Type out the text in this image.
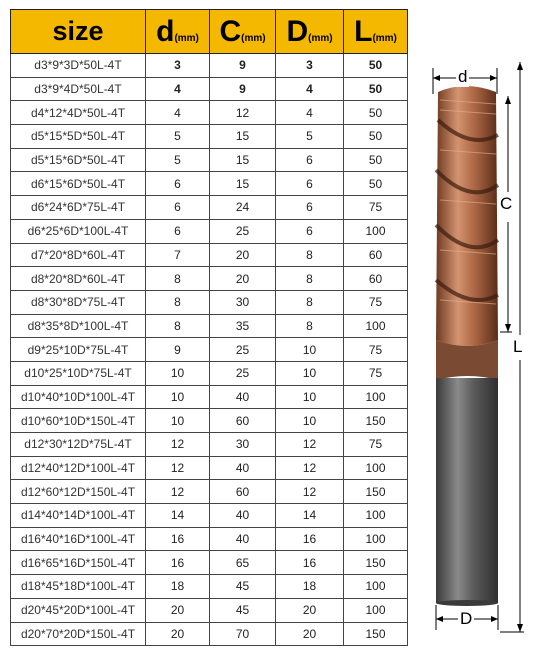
size	d(mm)	C(mm)	D(mm)	L(mm)
d3*9*3D*50L-4T	3	9	3	50
d3*9*4D*50L-4T	4	9	4	50
d4*12*4D*50L-4T	4	12	4	50
d5*15*5D*50L-4T	5	15	5	50
d5*15*6D*50L-4T	5	15	6	50
d6*15*6D*50L-4T	6	15	6	50
d6*24*6D*75L-4T	6	24	6	75
d6*25*6D*100L-4T	6	25	6	100
d7*20*8D*60L-4T	7	20	8	60
d8*20*8D*60L-4T	8	20	8	60
d8*30*8D*75L-4T	8	30	8	75
d8*35*8D*100L-4T	8	35	8	100
d9*25*10D*75L-4T	9	25	10	75
d10*25*10D*75L-4T	10	25	10	75
d10*40*10D*100L-4T	10	40	10	100
d10*60*10D*150L-4T	10	60	10	150
d12*30*12D*75L-4T	12	30	12	75
d12*40*12D*100L-4T	12	40	12	100
d12*60*12D*150L-4T	12	60	12	150
d14*40*14D*100L-4T	14	40	14	100
d16*40*16D*100L-4T	16	40	16	100
d16*65*16D*150L-4T	16	65	16	150
d18*45*18D*100L-4T	18	45	18	100
d20*45*20D*100L-4T	20	45	20	100
d20*70*20D*150L-4T	20	70	20	150
d
C
L
D
